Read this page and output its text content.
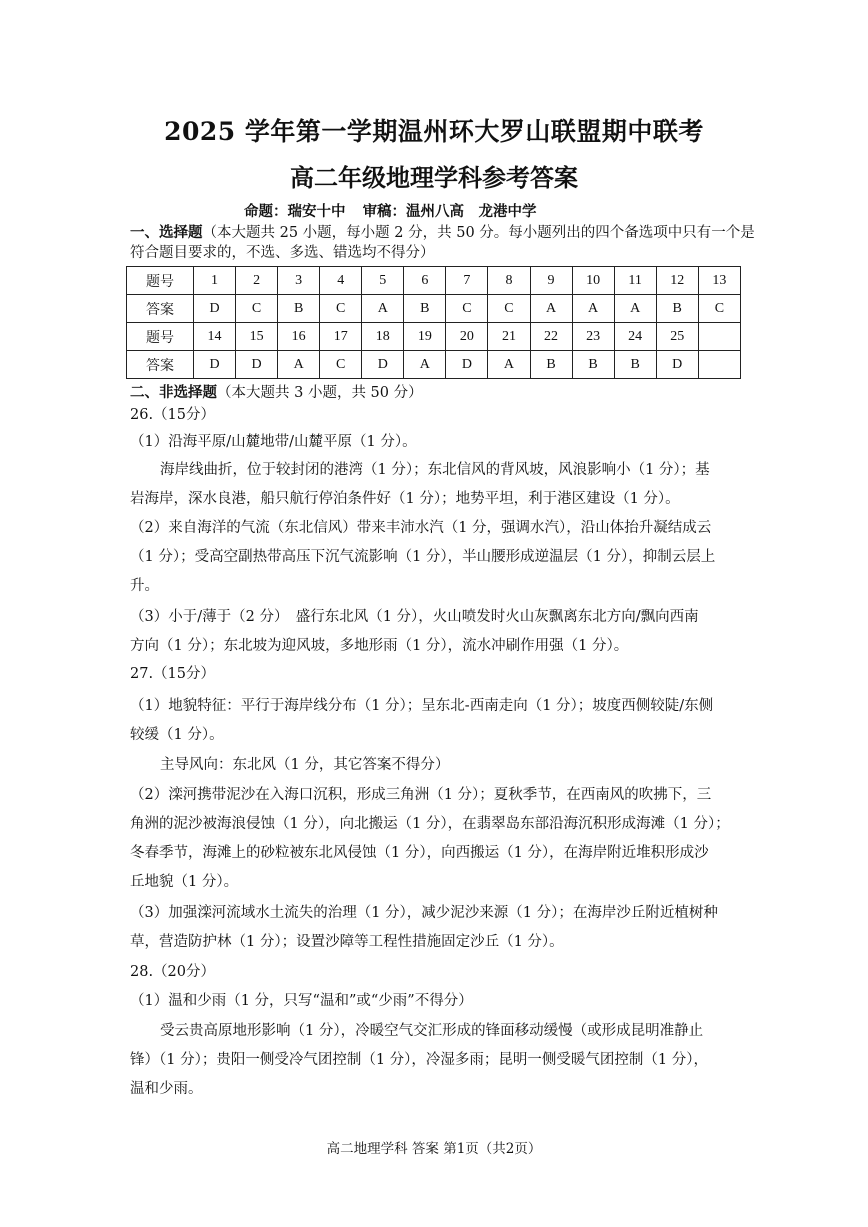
2025 学年第一学期温州环大罗山联盟期中联考
高二年级地理学科参考答案
命题：瑞安十中 审稿：温州八高　龙港中学
一、选择题（本大题共 25 小题，每小题 2 分，共 50 分。每小题列出的四个备选项中只有一个是
符合题目要求的，不选、多选、错选均不得分）
题号	1	2	3	4	5	6	7	8	9	10	11	12	13
答案	D	C	B	C	A	B	C	C	A	A	A	B	C
题号	14	15	16	17	18	19	20	21	22	23	24	25	
答案	D	D	A	C	D	A	D	A	B	B	B	D	
二、非选择题（本大题共 3 小题，共 50 分）
26.（15分）
（1）沿海平原/山麓地带/山麓平原（1 分）。
海岸线曲折，位于较封闭的港湾（1 分）；东北信风的背风坡，风浪影响小（1 分）；基
岩海岸，深水良港，船只航行停泊条件好（1 分）；地势平坦，利于港区建设（1 分）。
（2）来自海洋的气流（东北信风）带来丰沛水汽（1 分，强调水汽），沿山体抬升凝结成云
（1 分）；受高空副热带高压下沉气流影响（1 分），半山腰形成逆温层（1 分），抑制云层上
升。
（3）小于/薄于（2 分）　盛行东北风（1 分），火山喷发时火山灰飘离东北方向/飘向西南
方向（1 分）；东北坡为迎风坡，多地形雨（1 分），流水冲刷作用强（1 分）。
27.（15分）
（1）地貌特征：平行于海岸线分布（1 分）；呈东北-西南走向（1 分）；坡度西侧较陡/东侧
较缓（1 分）。
主导风向：东北风（1 分，其它答案不得分）
（2）滦河携带泥沙在入海口沉积，形成三角洲（1 分）；夏秋季节，在西南风的吹拂下，三
角洲的泥沙被海浪侵蚀（1 分），向北搬运（1 分），在翡翠岛东部沿海沉积形成海滩（1 分）；
冬春季节，海滩上的砂粒被东北风侵蚀（1 分），向西搬运（1 分），在海岸附近堆积形成沙
丘地貌（1 分）。
（3）加强滦河流域水土流失的治理（1 分），减少泥沙来源（1 分）；在海岸沙丘附近植树种
草，营造防护林（1 分）；设置沙障等工程性措施固定沙丘（1 分）。
28.（20分）
（1）温和少雨（1 分，只写“温和”或“少雨”不得分）
受云贵高原地形影响（1 分），冷暖空气交汇形成的锋面移动缓慢（或形成昆明准静止
锋）（1 分）；贵阳一侧受冷气团控制（1 分），冷湿多雨；昆明一侧受暖气团控制（1 分），
温和少雨。
高二地理学科 答案 第1页（共2页）
